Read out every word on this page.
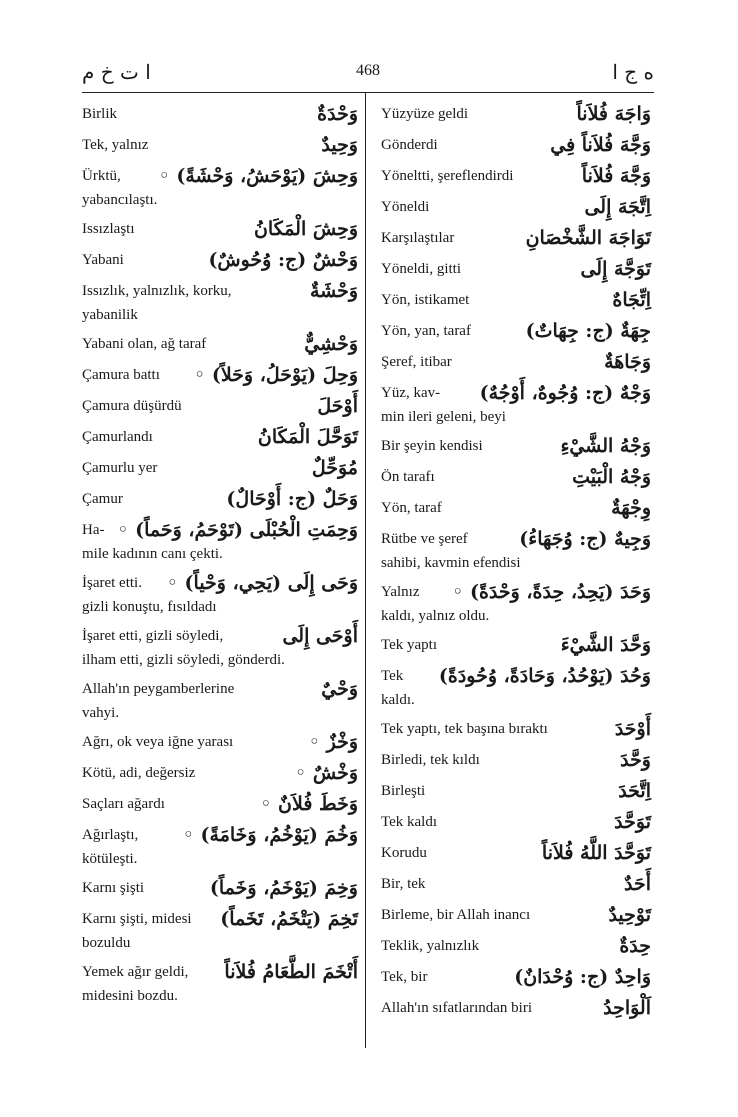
ا ت خ م	468	ه ج ا
Birlik	وَحْدَةٌ
Tek, yalnız	وَحِيدٌ
Ürktü, وَحِشَ (يَوْحَشُ، وَحْشَةً) ◦
yabancılaştı.
Issızlaştı	وَحِشَ الْمَكَانُ
Yabani	وَحْشٌ (ج: وُحُوشٌ)
Issızlık, yalnızlık, korku,	وَحْشَةٌ
yabanilik
Yabani olan, ağ taraf	وَحْشِيٌّ
Çamura battı وَحِلَ (يَوْحَلُ، وَحَلاً) ◦
Çamura düşürdü	أَوْحَلَ
Çamurlandı	تَوَحَّلَ الْمَكَانُ
Çamurlu yer	مُوَحِّلٌ
Çamur	وَحَلٌ (ج: أَوْحَالٌ)
Ha- وَحِمَتِ الْحُبْلَى (تَوْحَمُ، وَحَماً) ◦
mile kadının canı çekti.
İşaret etti. وَحَى إِلَى (يَحِي، وَحْياً) ◦
gizli konuştu, fısıldadı
İşaret etti, gizli söyledi,	أَوْحَى إِلَى
ilham etti, gizli söyledi, gönderdi.
Allah'ın peygamberlerine	وَحْيٌ
vahyi.
Ağrı, ok veya iğne yarası	وَخْزٌ ◦
Kötü, adi, değersiz	وَخْشٌ ◦
Saçları ağardı	وَخَطَ فُلاَنٌ ◦
Ağırlaştı, وَخُمَ (يَوْخُمُ، وَخَامَةً) ◦
kötüleşti.
Karnı şişti	وَخِمَ (يَوْخَمُ، وَخَماً)
Karnı şişti, midesi تَخِمَ (يَتْخَمُ، تَخَماً)
bozuldu
Yemek ağır geldi, أَتْخَمَ الطَّعَامُ فُلاَناً
midesini bozdu.
Yüzyüze geldi	وَاجَهَ فُلاَناً
Gönderdi	وَجَّهَ فُلاَناً فِي
Yöneltti, şereflendirdi	وَجَّهَ فُلاَناً
Yöneldi	اِتَّجَهَ إِلَى
Karşılaştılar	تَوَاجَهَ الشَّخْصَانِ
Yöneldi, gitti	تَوَجَّهَ إِلَى
Yön, istikamet	اِتِّجَاهٌ
Yön, yan, taraf	جِهَةٌ (ج: جِهَاتٌ)
Şeref, itibar	وَجَاهَةٌ
Yüz, kav- وَجْهٌ (ج: وُجُوهٌ، أَوْجُهٌ)
min ileri geleni, beyi
Bir şeyin kendisi	وَجْهُ الشَّيْءِ
Ön tarafı	وَجْهُ الْبَيْتِ
Yön, taraf	وِجْهَةٌ
Rütbe ve şeref	وَجِيهٌ (ج: وُجَهَاءُ)
sahibi, kavmin efendisi
Yalnız وَحَدَ (يَحِدُ، حِدَةً، وَحْدَةً) ◦
kaldı, yalnız oldu.
Tek yaptı	وَحَّدَ الشَّيْءَ
Tek وَحُدَ (يَوْحُدُ، وَحَادَةً، وُحُودَةً)
kaldı.
Tek yaptı, tek başına bıraktı	أَوْحَدَ
Birledi, tek kıldı	وَحَّدَ
Birleşti	اِتَّحَدَ
Tek kaldı	تَوَحَّدَ
Korudu	تَوَحَّدَ اللَّهُ فُلاَناً
Bir, tek	أَحَدٌ
Birleme, bir Allah inancı	تَوْحِيدٌ
Teklik, yalnızlık	حِدَةٌ
Tek, bir	وَاحِدٌ (ج: وُحْدَانٌ)
Allah'ın sıfatlarından biri	اَلْوَاحِدُ
